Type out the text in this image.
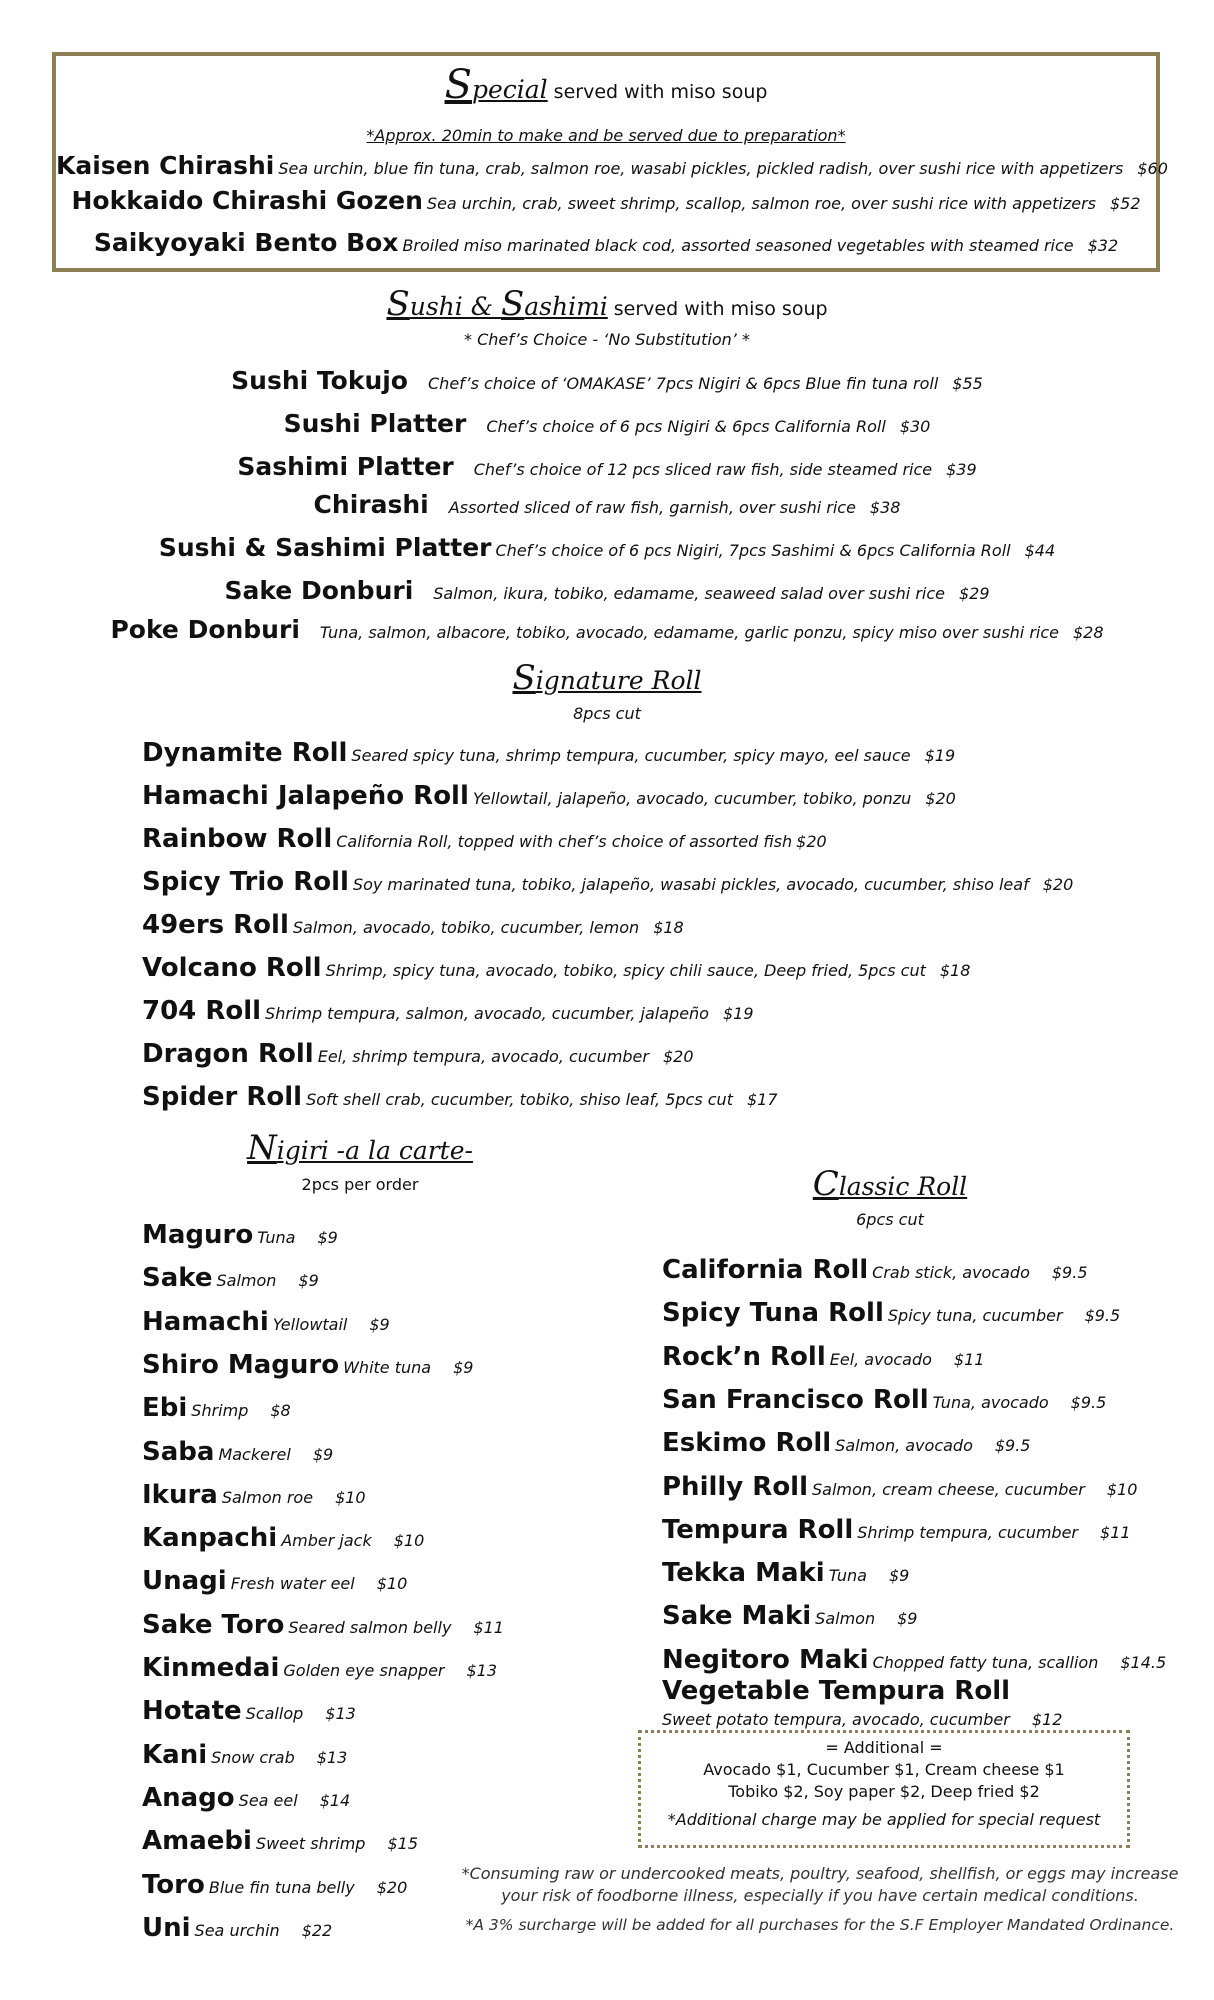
Special served with miso soup
*Approx. 20min to make and be served due to preparation*
Kaisen Chirashi Sea urchin, blue fin tuna, crab, salmon roe, wasabi pickles, pickled radish, over sushi rice with appetizers $60
Hokkaido Chirashi Gozen Sea urchin, crab, sweet shrimp, scallop, salmon roe, over sushi rice with appetizers $52
Saikyoyaki Bento Box Broiled miso marinated black cod, assorted seasoned vegetables with steamed rice $32
Sushi & Sashimi served with miso soup
* Chef’s Choice - ‘No Substitution’ *
Sushi Tokujo Chef’s choice of ‘OMAKASE’ 7pcs Nigiri & 6pcs Blue fin tuna roll $55
Sushi Platter Chef’s choice of 6 pcs Nigiri & 6pcs California Roll $30
Sashimi Platter Chef’s choice of 12 pcs sliced raw fish, side steamed rice $39
Chirashi Assorted sliced of raw fish, garnish, over sushi rice $38
Sushi & Sashimi Platter Chef’s choice of 6 pcs Nigiri, 7pcs Sashimi & 6pcs California Roll $44
Sake Donburi Salmon, ikura, tobiko, edamame, seaweed salad over sushi rice $29
Poke Donburi Tuna, salmon, albacore, tobiko, avocado, edamame, garlic ponzu, spicy miso over sushi rice $28
Signature Roll
8pcs cut
Dynamite Roll Seared spicy tuna, shrimp tempura, cucumber, spicy mayo, eel sauce $19
Hamachi Jalapeño Roll Yellowtail, jalapeño, avocado, cucumber, tobiko, ponzu $20
Rainbow Roll California Roll, topped with chef’s choice of assorted fish $20
Spicy Trio Roll Soy marinated tuna, tobiko, jalapeño, wasabi pickles, avocado, cucumber, shiso leaf $20
49ers Roll Salmon, avocado, tobiko, cucumber, lemon $18
Volcano Roll Shrimp, spicy tuna, avocado, tobiko, spicy chili sauce, Deep fried, 5pcs cut $18
704 Roll Shrimp tempura, salmon, avocado, cucumber, jalapeño $19
Dragon Roll Eel, shrimp tempura, avocado, cucumber $20
Spider Roll Soft shell crab, cucumber, tobiko, shiso leaf, 5pcs cut $17
Nigiri -a la carte-
2pcs per order
Maguro Tuna $9
Sake Salmon $9
Hamachi Yellowtail $9
Shiro Maguro White tuna $9
Ebi Shrimp $8
Saba Mackerel $9
Ikura Salmon roe $10
Kanpachi Amber jack $10
Unagi Fresh water eel $10
Sake Toro Seared salmon belly $11
Kinmedai Golden eye snapper $13
Hotate Scallop $13
Kani Snow crab $13
Anago Sea eel $14
Amaebi Sweet shrimp $15
Toro Blue fin tuna belly $20
Uni Sea urchin $22
Classic Roll
6pcs cut
California Roll Crab stick, avocado $9.5
Spicy Tuna Roll Spicy tuna, cucumber $9.5
Rock’n Roll Eel, avocado $11
San Francisco Roll Tuna, avocado $9.5
Eskimo Roll Salmon, avocado $9.5
Philly Roll Salmon, cream cheese, cucumber $10
Tempura Roll Shrimp tempura, cucumber $11
Tekka Maki Tuna $9
Sake Maki Salmon $9
Negitoro Maki Chopped fatty tuna, scallion $14.5
Vegetable Tempura Roll
Sweet potato tempura, avocado, cucumber $12
= Additional =
Avocado $1, Cucumber $1, Cream cheese $1
Tobiko $2, Soy paper $2, Deep fried $2
*Additional charge may be applied for special request
*Consuming raw or undercooked meats, poultry, seafood, shellfish, or eggs may increase
your risk of foodborne illness, especially if you have certain medical conditions.
*A 3% surcharge will be added for all purchases for the S.F Employer Mandated Ordinance.
